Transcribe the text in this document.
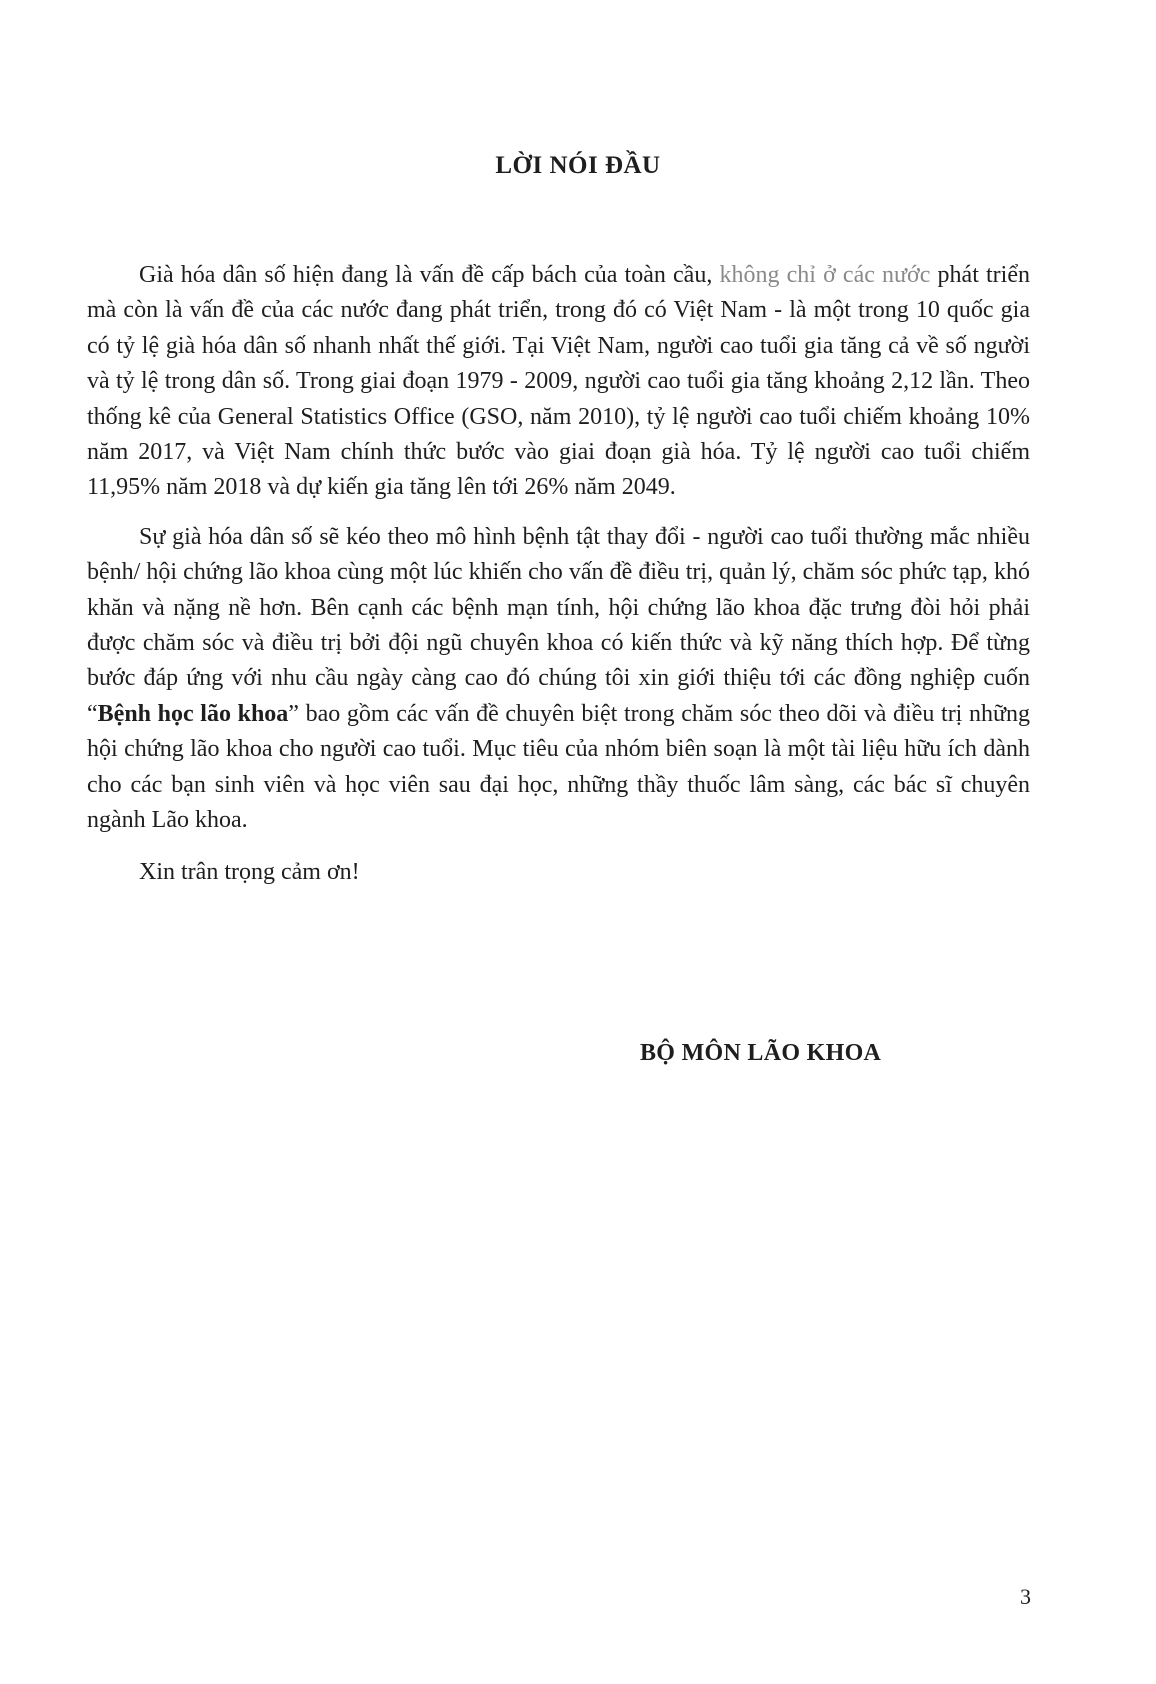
LỜI NÓI ĐẦU

Già hóa dân số hiện đang là vấn đề cấp bách của toàn cầu, không chỉ ở các nước phát triển mà còn là vấn đề của các nước đang phát triển, trong đó có Việt Nam - là một trong 10 quốc gia có tỷ lệ già hóa dân số nhanh nhất thế giới. Tại Việt Nam, người cao tuổi gia tăng cả về số người và tỷ lệ trong dân số. Trong giai đoạn 1979 - 2009, người cao tuổi gia tăng khoảng 2,12 lần. Theo thống kê của General Statistics Office (GSO, năm 2010), tỷ lệ người cao tuổi chiếm khoảng 10% năm 2017, và Việt Nam chính thức bước vào giai đoạn già hóa. Tỷ lệ người cao tuổi chiếm 11,95% năm 2018 và dự kiến gia tăng lên tới 26% năm 2049.

Sự già hóa dân số sẽ kéo theo mô hình bệnh tật thay đổi - người cao tuổi thường mắc nhiều bệnh/ hội chứng lão khoa cùng một lúc khiến cho vấn đề điều trị, quản lý, chăm sóc phức tạp, khó khăn và nặng nề hơn. Bên cạnh các bệnh mạn tính, hội chứng lão khoa đặc trưng đòi hỏi phải được chăm sóc và điều trị bởi đội ngũ chuyên khoa có kiến thức và kỹ năng thích hợp. Để từng bước đáp ứng với nhu cầu ngày càng cao đó chúng tôi xin giới thiệu tới các đồng nghiệp cuốn “Bệnh học lão khoa” bao gồm các vấn đề chuyên biệt trong chăm sóc theo dõi và điều trị những hội chứng lão khoa cho người cao tuổi. Mục tiêu của nhóm biên soạn là một tài liệu hữu ích dành cho các bạn sinh viên và học viên sau đại học, những thầy thuốc lâm sàng, các bác sĩ chuyên ngành Lão khoa.

Xin trân trọng cảm ơn!

BỘ MÔN LÃO KHOA

3
